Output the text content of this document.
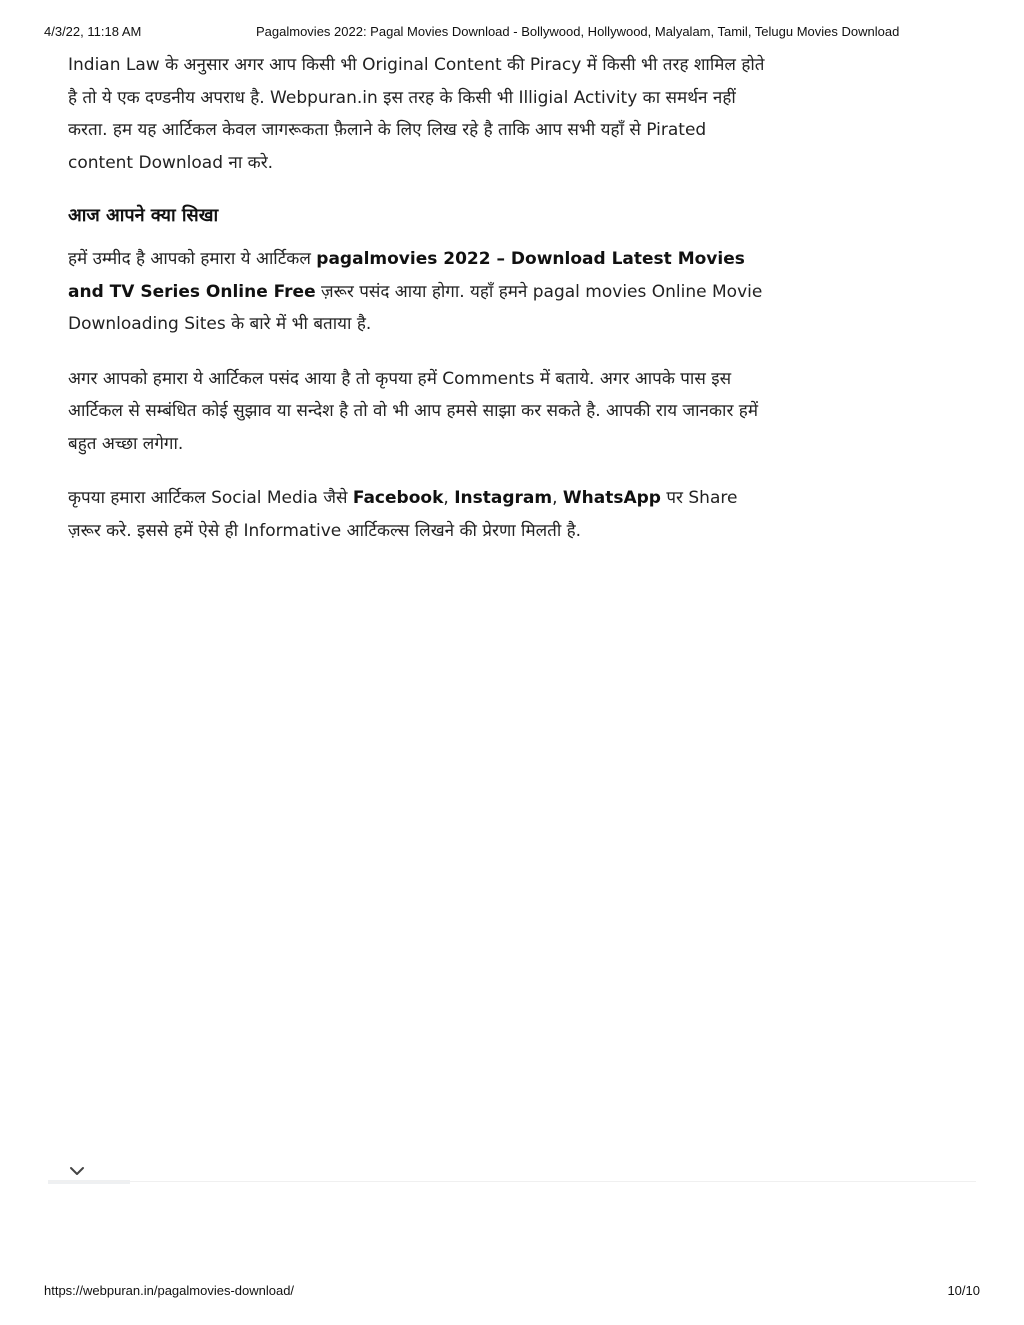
4/3/22, 11:18 AM	Pagalmovies 2022: Pagal Movies Download - Bollywood, Hollywood, Malyalam, Tamil, Telugu Movies Download

Indian Law के अनुसार अगर आप किसी भी Original Content की Piracy में किसी भी तरह शामिल होते है तो ये एक दण्डनीय अपराध है. Webpuran.in इस तरह के किसी भी Illigial Activity का समर्थन नहीं करता. हम यह आर्टिकल केवल जागरूकता फ़ैलाने के लिए लिख रहे है ताकि आप सभी यहाँ से Pirated content Download ना करे.

आज आपने क्या सिखा

हमें उम्मीद है आपको हमारा ये आर्टिकल pagalmovies 2022 – Download Latest Movies and TV Series Online Free ज़रूर पसंद आया होगा. यहाँ हमने pagal movies Online Movie Downloading Sites के बारे में भी बताया है.

अगर आपको हमारा ये आर्टिकल पसंद आया है तो कृपया हमें Comments में बताये. अगर आपके पास इस आर्टिकल से सम्बंधित कोई सुझाव या सन्देश है तो वो भी आप हमसे साझा कर सकते है. आपकी राय जानकार हमें बहुत अच्छा लगेगा.

कृपया हमारा आर्टिकल Social Media जैसे Facebook, Instagram, WhatsApp पर Share ज़रूर करे. इससे हमें ऐसे ही Informative आर्टिकल्स लिखने की प्रेरणा मिलती है.

https://webpuran.in/pagalmovies-download/	10/10
